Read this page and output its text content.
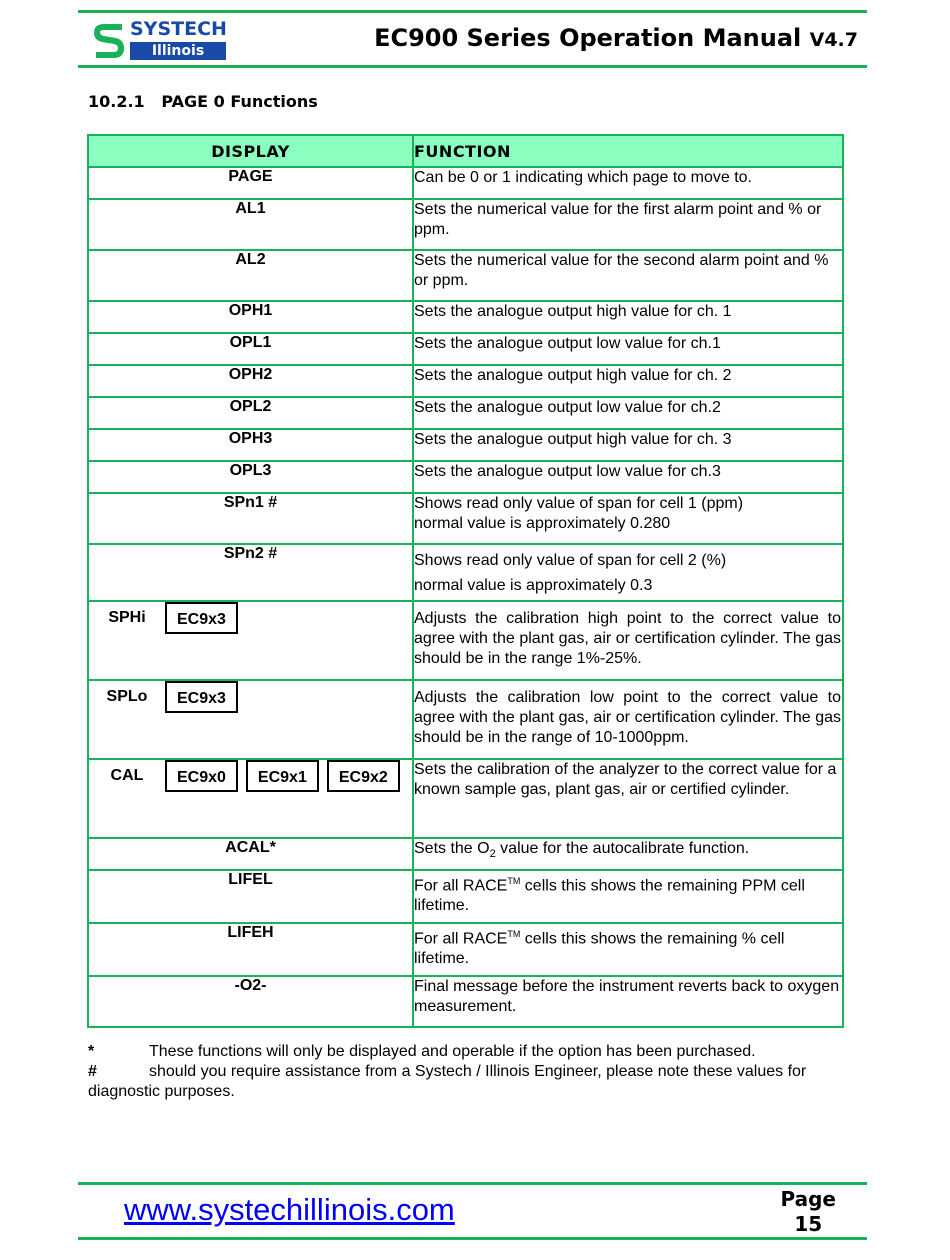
SYSTECH
Illinois	EC900 Series Operation Manual V4.7
10.2.1   PAGE 0 Functions
DISPLAY	FUNCTION
PAGE	Can be 0 or 1 indicating which page to move to.
AL1	Sets the numerical value for the first alarm point and % or ppm.
AL2	Sets the numerical value for the second alarm point and % or ppm.
OPH1	Sets the analogue output high value for ch. 1
OPL1	Sets the analogue output low value for ch.1
OPH2	Sets the analogue output high value for ch. 2
OPL2	Sets the analogue output low value for ch.2
OPH3	Sets the analogue output high value for ch. 3
OPL3	Sets the analogue output low value for ch.3
SPn1 #	Shows read only value of span for cell 1 (ppm)
normal value is approximately 0.280

SPn2 #	Shows read only value of span for cell 2 (%)
normal value is approximately 0.3

SPHi EC9x3	Adjusts the calibration high point to the correct value to agree with the plant gas, air or certification cylinder. The gas should be in the range 1%-25%.

SPLo EC9x3	Adjusts the calibration low point to the correct value to agree with the plant gas, air or certification cylinder. The gas should be in the range of 10-1000ppm.

CAL EC9x0 EC9x1 EC9x2	Sets the calibration of the analyzer to the correct value for a known sample gas, plant gas, air or certified cylinder.
ACAL*	Sets the $O_2$ value for the autocalibrate function.
LIFEL	For all RACE™ cells this shows the remaining PPM cell lifetime.
LIFEH	For all RACE™ cells this shows the remaining % cell lifetime.
-O2-	Final message before the instrument reverts back to oxygen measurement.
*	These functions will only be displayed and operable if the option has been purchased.
#	should you require assistance from a Systech / Illinois Engineer, please note these values for
diagnostic purposes.
www.systechillinois.com	Page
15
